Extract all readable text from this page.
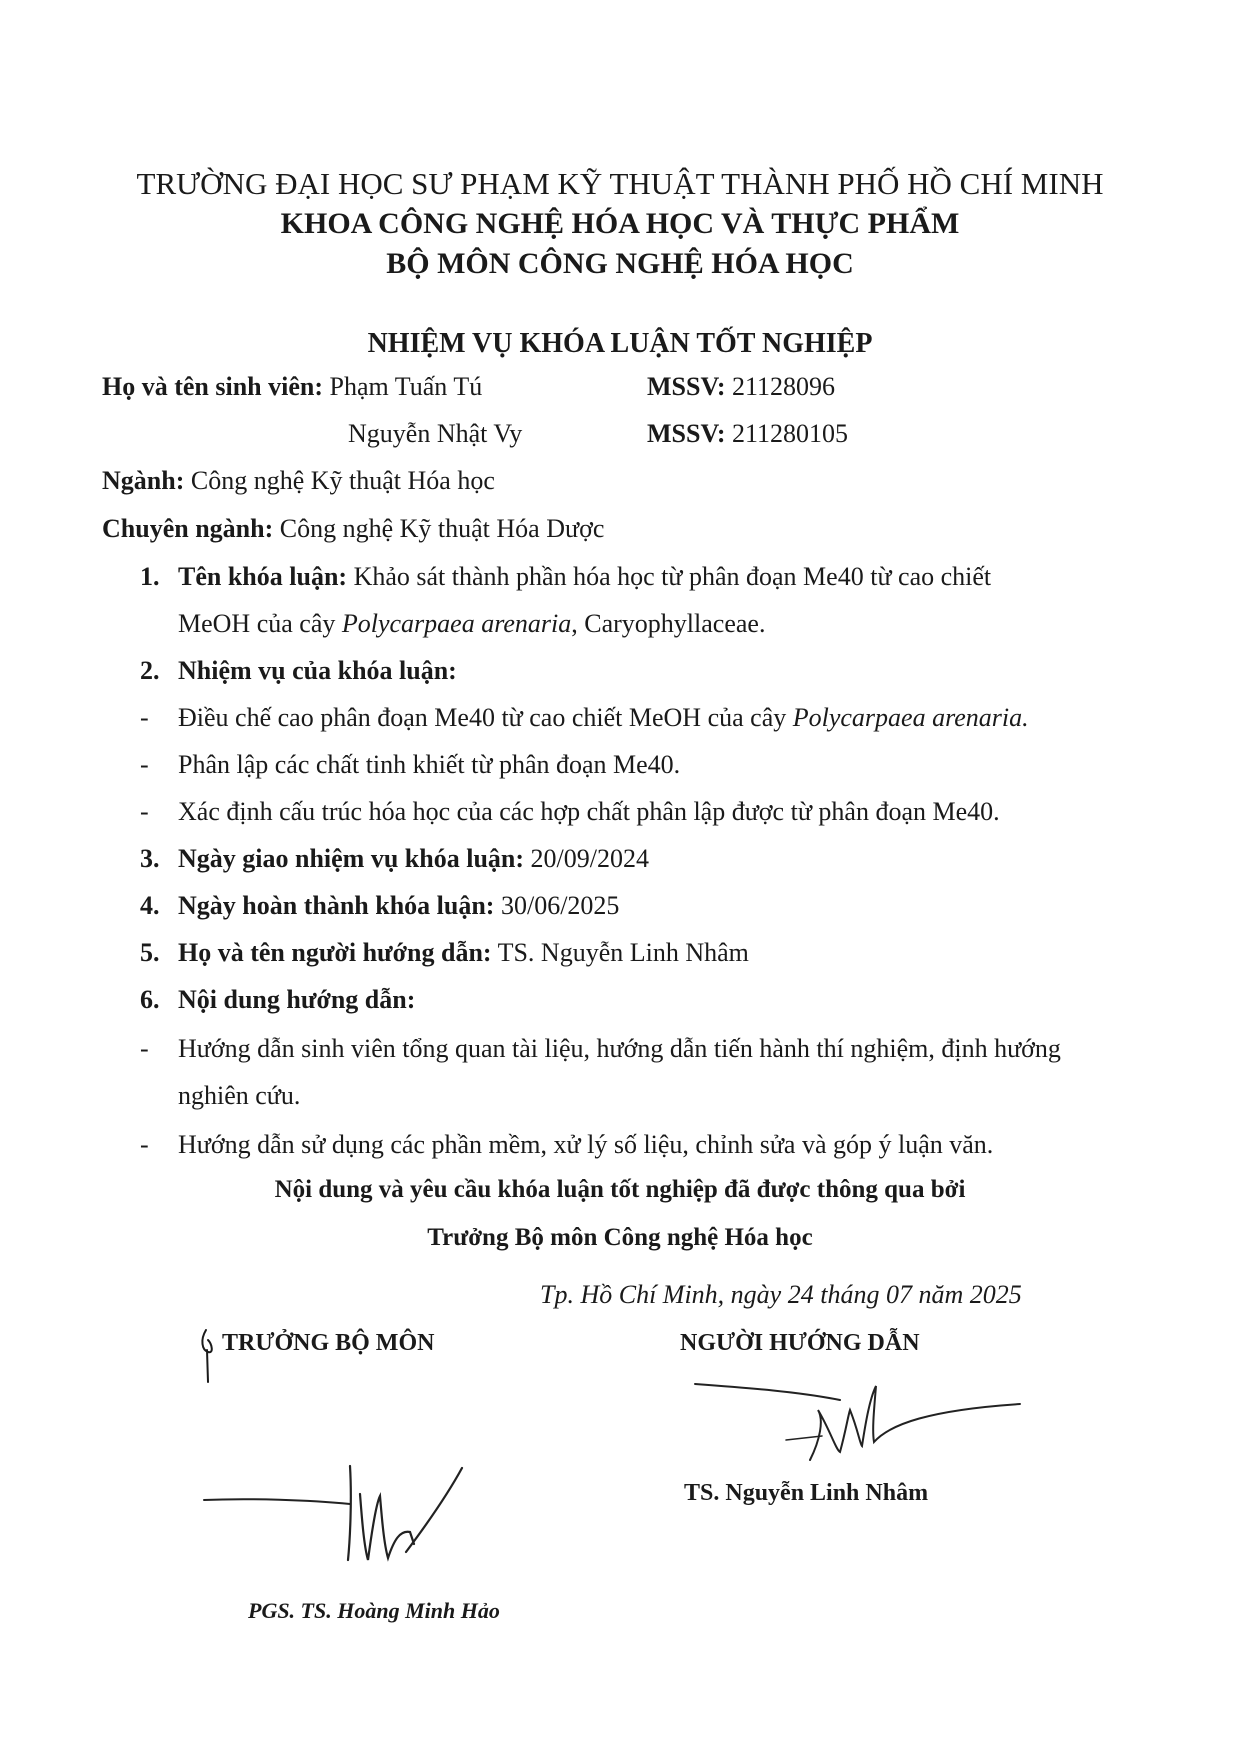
TRƯỜNG ĐẠI HỌC SƯ PHẠM KỸ THUẬT THÀNH PHỐ HỒ CHÍ MINH
KHOA CÔNG NGHỆ HÓA HỌC VÀ THỰC PHẨM
BỘ MÔN CÔNG NGHỆ HÓA HỌC
NHIỆM VỤ KHÓA LUẬN TỐT NGHIỆP
Họ và tên sinh viên: Phạm Tuấn Tú	MSSV: 21128096
Nguyễn Nhật Vy	MSSV: 211280105
Ngành: Công nghệ Kỹ thuật Hóa học
Chuyên ngành: Công nghệ Kỹ thuật Hóa Dược
1. Tên khóa luận: Khảo sát thành phần hóa học từ phân đoạn Me40 từ cao chiết
MeOH của cây Polycarpaea arenaria, Caryophyllaceae.
2. Nhiệm vụ của khóa luận:
- Điều chế cao phân đoạn Me40 từ cao chiết MeOH của cây Polycarpaea arenaria.
- Phân lập các chất tinh khiết từ phân đoạn Me40.
- Xác định cấu trúc hóa học của các hợp chất phân lập được từ phân đoạn Me40.
3. Ngày giao nhiệm vụ khóa luận: 20/09/2024
4. Ngày hoàn thành khóa luận: 30/06/2025
5. Họ và tên người hướng dẫn: TS. Nguyễn Linh Nhâm
6. Nội dung hướng dẫn:
- Hướng dẫn sinh viên tổng quan tài liệu, hướng dẫn tiến hành thí nghiệm, định hướng
nghiên cứu.
- Hướng dẫn sử dụng các phần mềm, xử lý số liệu, chỉnh sửa và góp ý luận văn.
Nội dung và yêu cầu khóa luận tốt nghiệp đã được thông qua bởi
Trưởng Bộ môn Công nghệ Hóa học
Tp. Hồ Chí Minh, ngày 24 tháng 07 năm 2025
TRƯỞNG BỘ MÔN	NGƯỜI HƯỚNG DẪN
TS. Nguyễn Linh Nhâm
PGS. TS. Hoàng Minh Hảo
